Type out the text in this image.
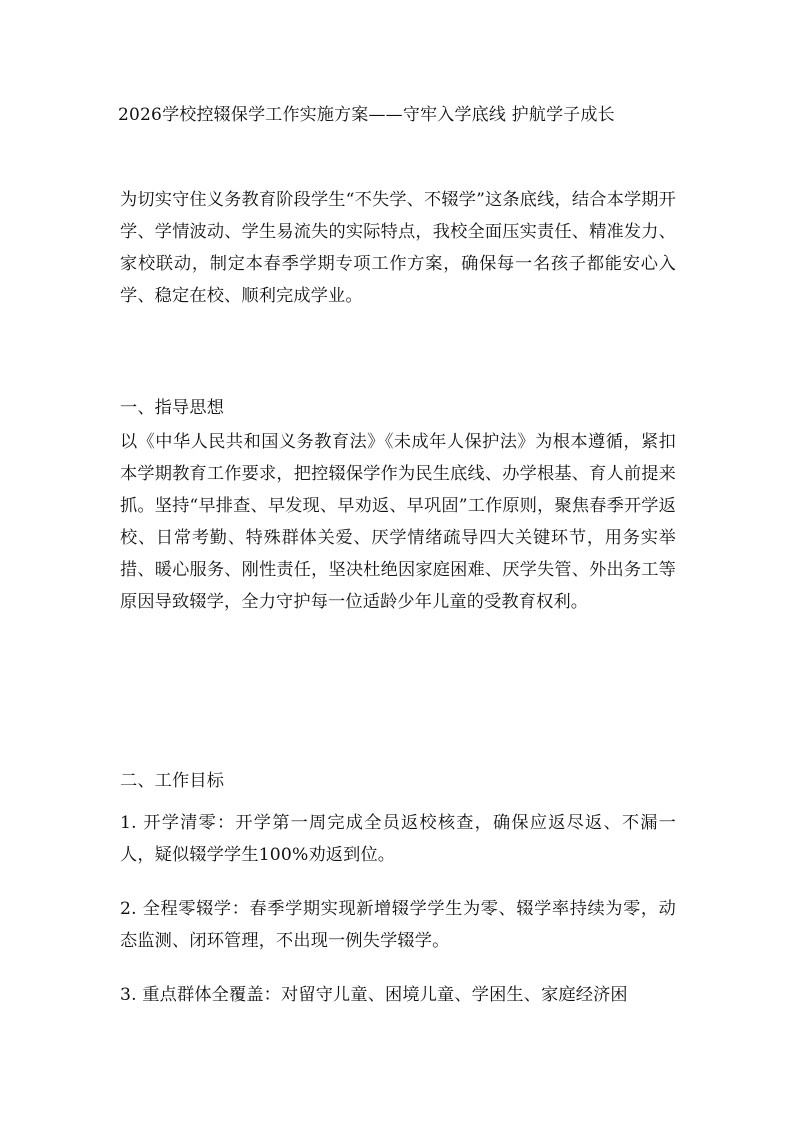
2026学校控辍保学工作实施方案——守牢入学底线 护航学子成长
为切实守住义务教育阶段学生“不失学、不辍学”这条底线，结合本学期开学、学情波动、学生易流失的实际特点，我校全面压实责任、精准发力、家校联动，制定本春季学期专项工作方案，确保每一名孩子都能安心入学、稳定在校、顺利完成学业。
一、指导思想
以《中华人民共和国义务教育法》《未成年人保护法》为根本遵循，紧扣本学期教育工作要求，把控辍保学作为民生底线、办学根基、育人前提来抓。坚持“早排查、早发现、早劝返、早巩固”工作原则，聚焦春季开学返校、日常考勤、特殊群体关爱、厌学情绪疏导四大关键环节，用务实举措、暖心服务、刚性责任，坚决杜绝因家庭困难、厌学失管、外出务工等原因导致辍学，全力守护每一位适龄少年儿童的受教育权利。
二、工作目标
1. 开学清零：开学第一周完成全员返校核查，确保应返尽返、不漏一人，疑似辍学学生100%劝返到位。
2. 全程零辍学：春季学期实现新增辍学学生为零、辍学率持续为零，动态监测、闭环管理，不出现一例失学辍学。
3. 重点群体全覆盖：对留守儿童、困境儿童、学困生、家庭经济困
